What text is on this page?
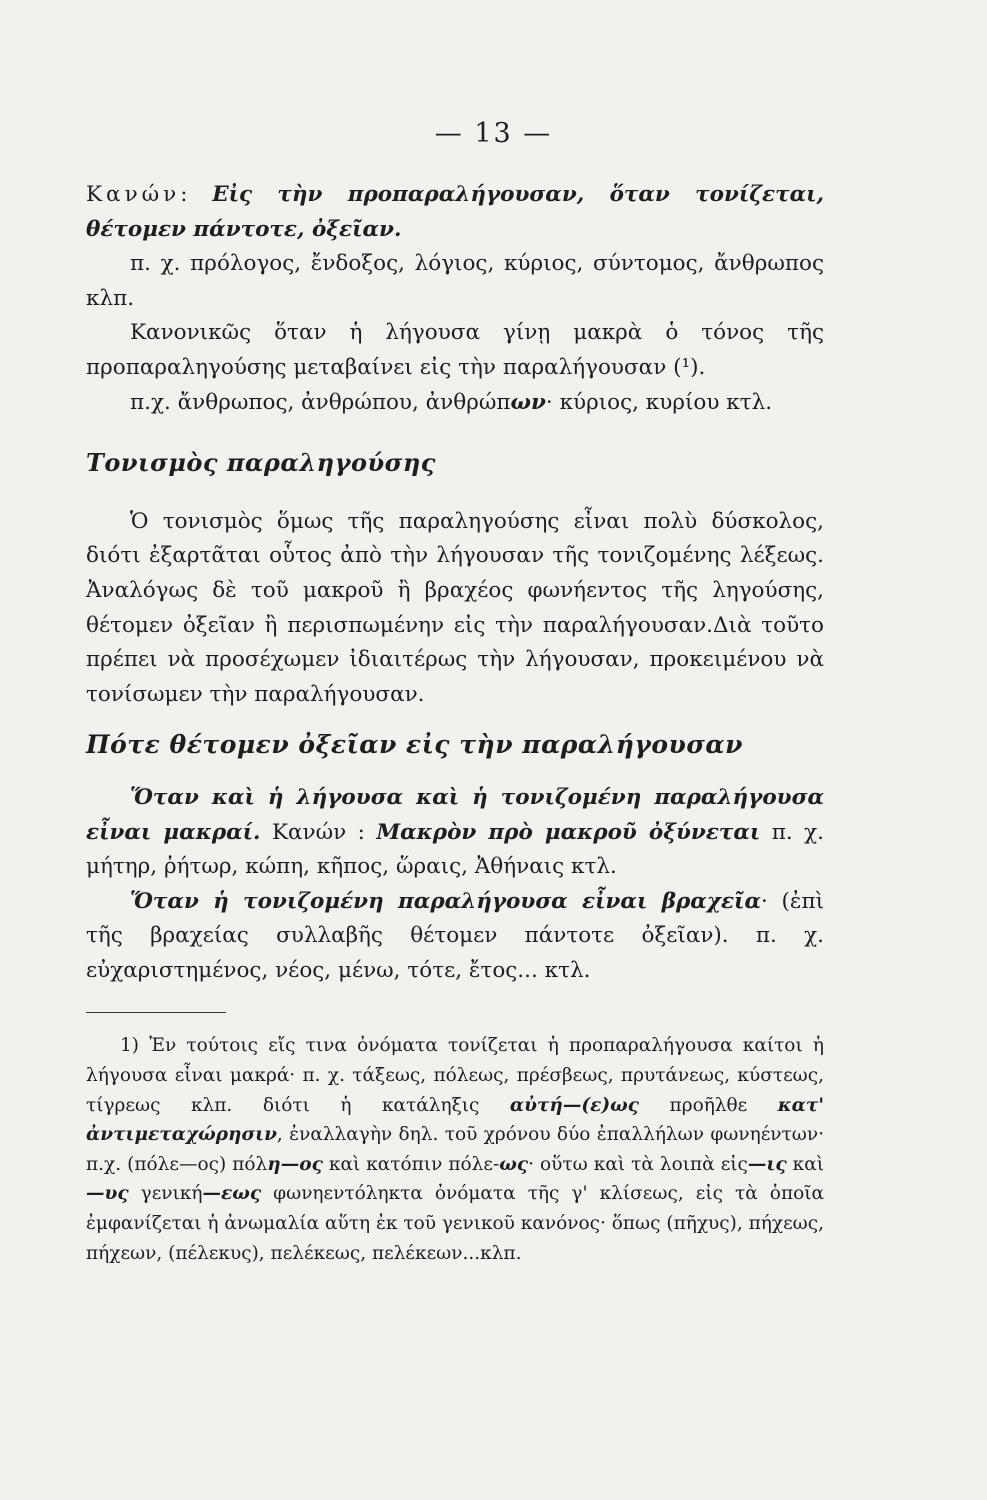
— 13 —

Κανών: Εἰς τὴν προπαραλήγουσαν, ὅταν τονίζεται, θέτομεν πάντοτε, ὀξεῖαν.

π. χ. πρόλογος, ἔνδοξος, λόγιος, κύριος, σύντομος, ἄνθρωπος κλπ.

Κανονικῶς ὅταν ἡ λήγουσα γίνῃ μακρὰ ὁ τόνος τῆς προπαραληγούσης μεταβαίνει εἰς τὴν παραλήγουσαν (¹).

π.χ. ἄνθρωπος, ἀνθρώπου, ἀνθρώπων· κύριος, κυρίου κτλ.

Τονισμὸς παραληγούσης

Ὁ τονισμὸς ὅμως τῆς παραληγούσης εἶναι πολὺ δύσκολος, διότι ἐξαρτᾶται οὗτος ἀπὸ τὴν λήγουσαν τῆς τονιζομένης λέξεως. Ἀναλόγως δὲ τοῦ μακροῦ ἢ βραχέος φωνήεντος τῆς ληγούσης, θέτομεν ὀξεῖαν ἢ περισπωμένην εἰς τὴν παραλήγουσαν.Διὰ τοῦτο πρέπει νὰ προσέχωμεν ἰδιαιτέρως τὴν λήγουσαν, προκειμένου νὰ τονίσωμεν τὴν παραλήγουσαν.

Πότε θέτομεν ὀξεῖαν εἰς τὴν παραλήγουσαν

Ὅταν καὶ ἡ λήγουσα καὶ ἡ τονιζομένη παραλήγουσα εἶναι μακραί. Κανών : Μακρὸν πρὸ μακροῦ ὀξύνεται π. χ. μήτηρ, ῥήτωρ, κώπη, κῆπος, ὥραις, Ἀθήναις κτλ.

Ὅταν ἡ τονιζομένη παραλήγουσα εἶναι βραχεῖα· (ἐπὶ τῆς βραχείας συλλαβῆς θέτομεν πάντοτε ὀξεῖαν). π. χ. εὐχαριστημένος, νέος, μένω, τότε, ἔτος... κτλ.

1) Ἐν τούτοις εἴς τινα ὀνόματα τονίζεται ἡ προπαραλήγουσα καίτοι ἡ λήγουσα εἶναι μακρά· π. χ. τάξεως, πόλεως, πρέσβεως, πρυτάνεως, κύστεως, τίγρεως κλπ. διότι ἡ κατάληξις αὐτή—(ε)ως προῆλθε κατ' ἀντιμεταχώρησιν, ἐναλλαγὴν δηλ. τοῦ χρόνου δύο ἐπαλλήλων φωνηέντων· π.χ. (πόλε—ος) πόλη—ος καὶ κατόπιν πόλε-ως· οὕτω καὶ τὰ λοιπὰ εἰς—ις καὶ —υς γενική—εως φωνηεντόληκτα ὀνόματα τῆς γ' κλίσεως, εἰς τὰ ὁποῖα ἐμφανίζεται ἡ ἀνωμαλία αὕτη ἐκ τοῦ γενικοῦ κανόνος· ὅπως (πῆχυς), πήχεως, πήχεων, (πέλεκυς), πελέκεως, πελέκεων...κλπ.
